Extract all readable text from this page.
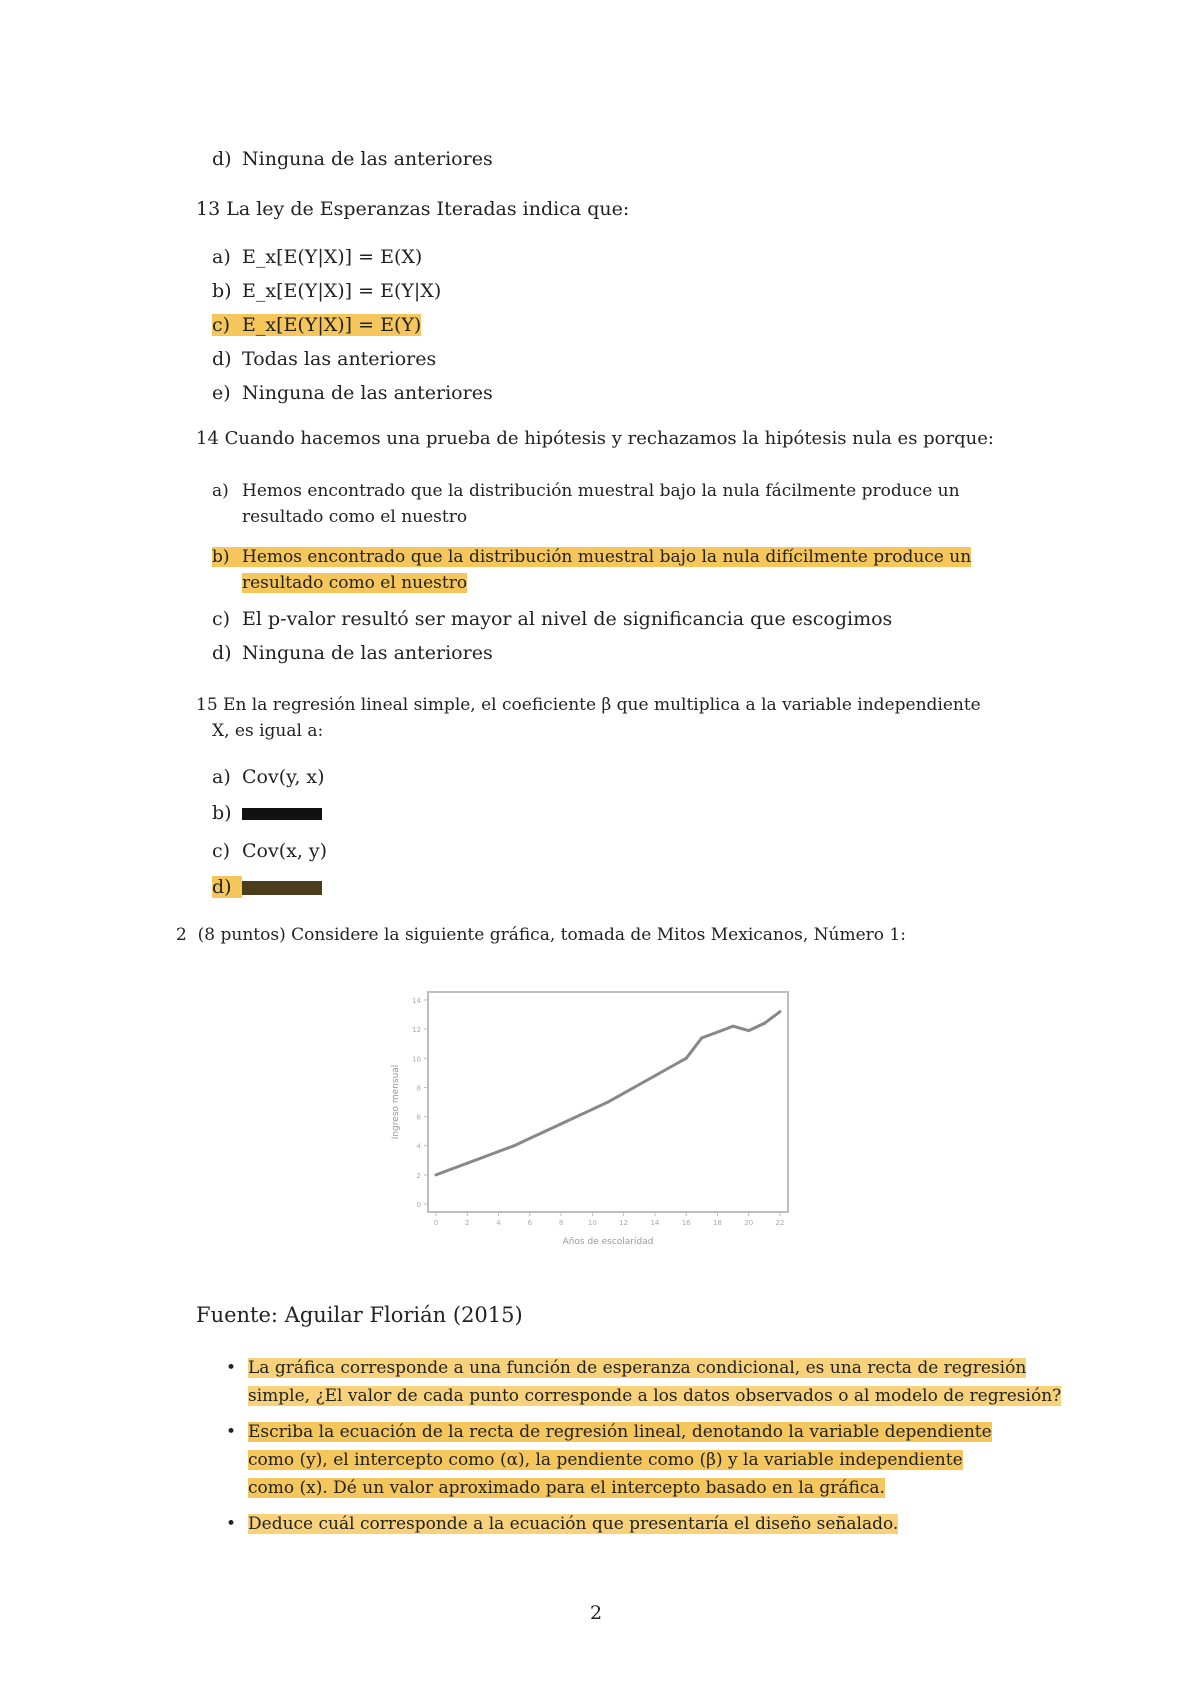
d) Ninguna de las anteriores
13 La ley de Esperanzas Iteradas indica que:
a) E_x[E(Y|X)] = E(X)
b) E_x[E(Y|X)] = E(Y|X)
c) E_x[E(Y|X)] = E(Y)
d) Todas las anteriores
e) Ninguna de las anteriores
14 Cuando hacemos una prueba de hipótesis y rechazamos la hipótesis nula es porque:
a) Hemos encontrado que la distribución muestral bajo la nula fácilmente produce un
resultado como el nuestro
b) Hemos encontrado que la distribución muestral bajo la nula difícilmente produce un
resultado como el nuestro
c) El p-valor resultó ser mayor al nivel de significancia que escogimos
d) Ninguna de las anteriores
15 En la regresión lineal simple, el coeficiente β que multiplica a la variable independiente
X, es igual a:
a) Cov(y, x)
b)
c) Cov(x, y)
d)
2 (8 puntos) Considere la siguiente gráfica, tomada de Mitos Mexicanos, Número 1:
0
2
4
6
8
10
12
14
0	2	4	6	8	10	12	14	16	18	20	22
Ingreso mensual
Años de escolaridad
Fuente: Aguilar Florián (2015)
• La gráfica corresponde a una función de esperanza condicional, es una recta de regresión
simple, ¿El valor de cada punto corresponde a los datos observados o al modelo de regresión?
• Escriba la ecuación de la recta de regresión lineal, denotando la variable dependiente
como (y), el intercepto como (α), la pendiente como (β) y la variable independiente
como (x). Dé un valor aproximado para el intercepto basado en la gráfica.
• Deduce cuál corresponde a la ecuación que presentaría el diseño señalado.
2
